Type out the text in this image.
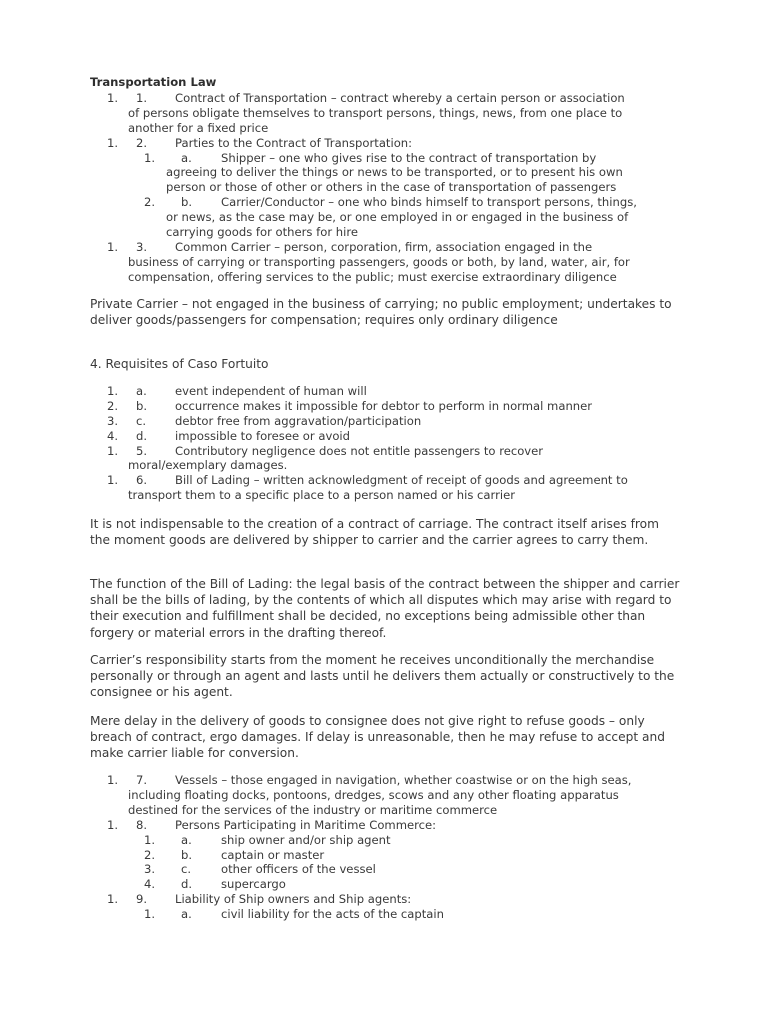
Transportation Law
1. 1. Contract of Transportation – contract whereby a certain person or association
of persons obligate themselves to transport persons, things, news, from one place to
another for a fixed price
1. 2. Parties to the Contract of Transportation:
1. a.	Shipper – one who gives rise to the contract of transportation by
agreeing to deliver the things or news to be transported, or to present his own
person or those of other or others in the case of transportation of passengers
2. b. Carrier/Conductor – one who binds himself to transport persons, things,
or news, as the case may be, or one employed in or engaged in the business of
carrying goods for others for hire
1. 3. Common Carrier – person, corporation, firm, association engaged in the
business of carrying or transporting passengers, goods or both, by land, water, air, for
compensation, offering services to the public; must exercise extraordinary diligence
Private Carrier – not engaged in the business of carrying; no public employment; undertakes to deliver goods/passengers for compensation; requires only ordinary diligence
4. Requisites of Caso Fortuito
1. a. event independent of human will
2. b. occurrence makes it impossible for debtor to perform in normal manner
3. c. debtor free from aggravation/participation
4. d. impossible to foresee or avoid
1. 5. Contributory negligence does not entitle passengers to recover
moral/exemplary damages.
1. 6. Bill of Lading – written acknowledgment of receipt of goods and agreement to
transport them to a specific place to a person named or his carrier
It is not indispensable to the creation of a contract of carriage. The contract itself arises from the moment goods are delivered by shipper to carrier and the carrier agrees to carry them.
The function of the Bill of Lading: the legal basis of the contract between the shipper and carrier shall be the bills of lading, by the contents of which all disputes which may arise with regard to their execution and fulfillment shall be decided, no exceptions being admissible other than forgery or material errors in the drafting thereof.
Carrier’s responsibility starts from the moment he receives unconditionally the merchandise personally or through an agent and lasts until he delivers them actually or constructively to the consignee or his agent.
Mere delay in the delivery of goods to consignee does not give right to refuse goods – only breach of contract, ergo damages. If delay is unreasonable, then he may refuse to accept and make carrier liable for conversion.
1. 7. Vessels – those engaged in navigation, whether coastwise or on the high seas,
including floating docks, pontoons, dredges, scows and any other floating apparatus
destined for the services of the industry or maritime commerce
1. 8. Persons Participating in Maritime Commerce:
1. a.	ship owner and/or ship agent
2. b. captain or master
3. c.	other officers of the vessel
4. d. supercargo
1. 9. Liability of Ship owners and Ship agents:
1. a.	civil liability for the acts of the captain
